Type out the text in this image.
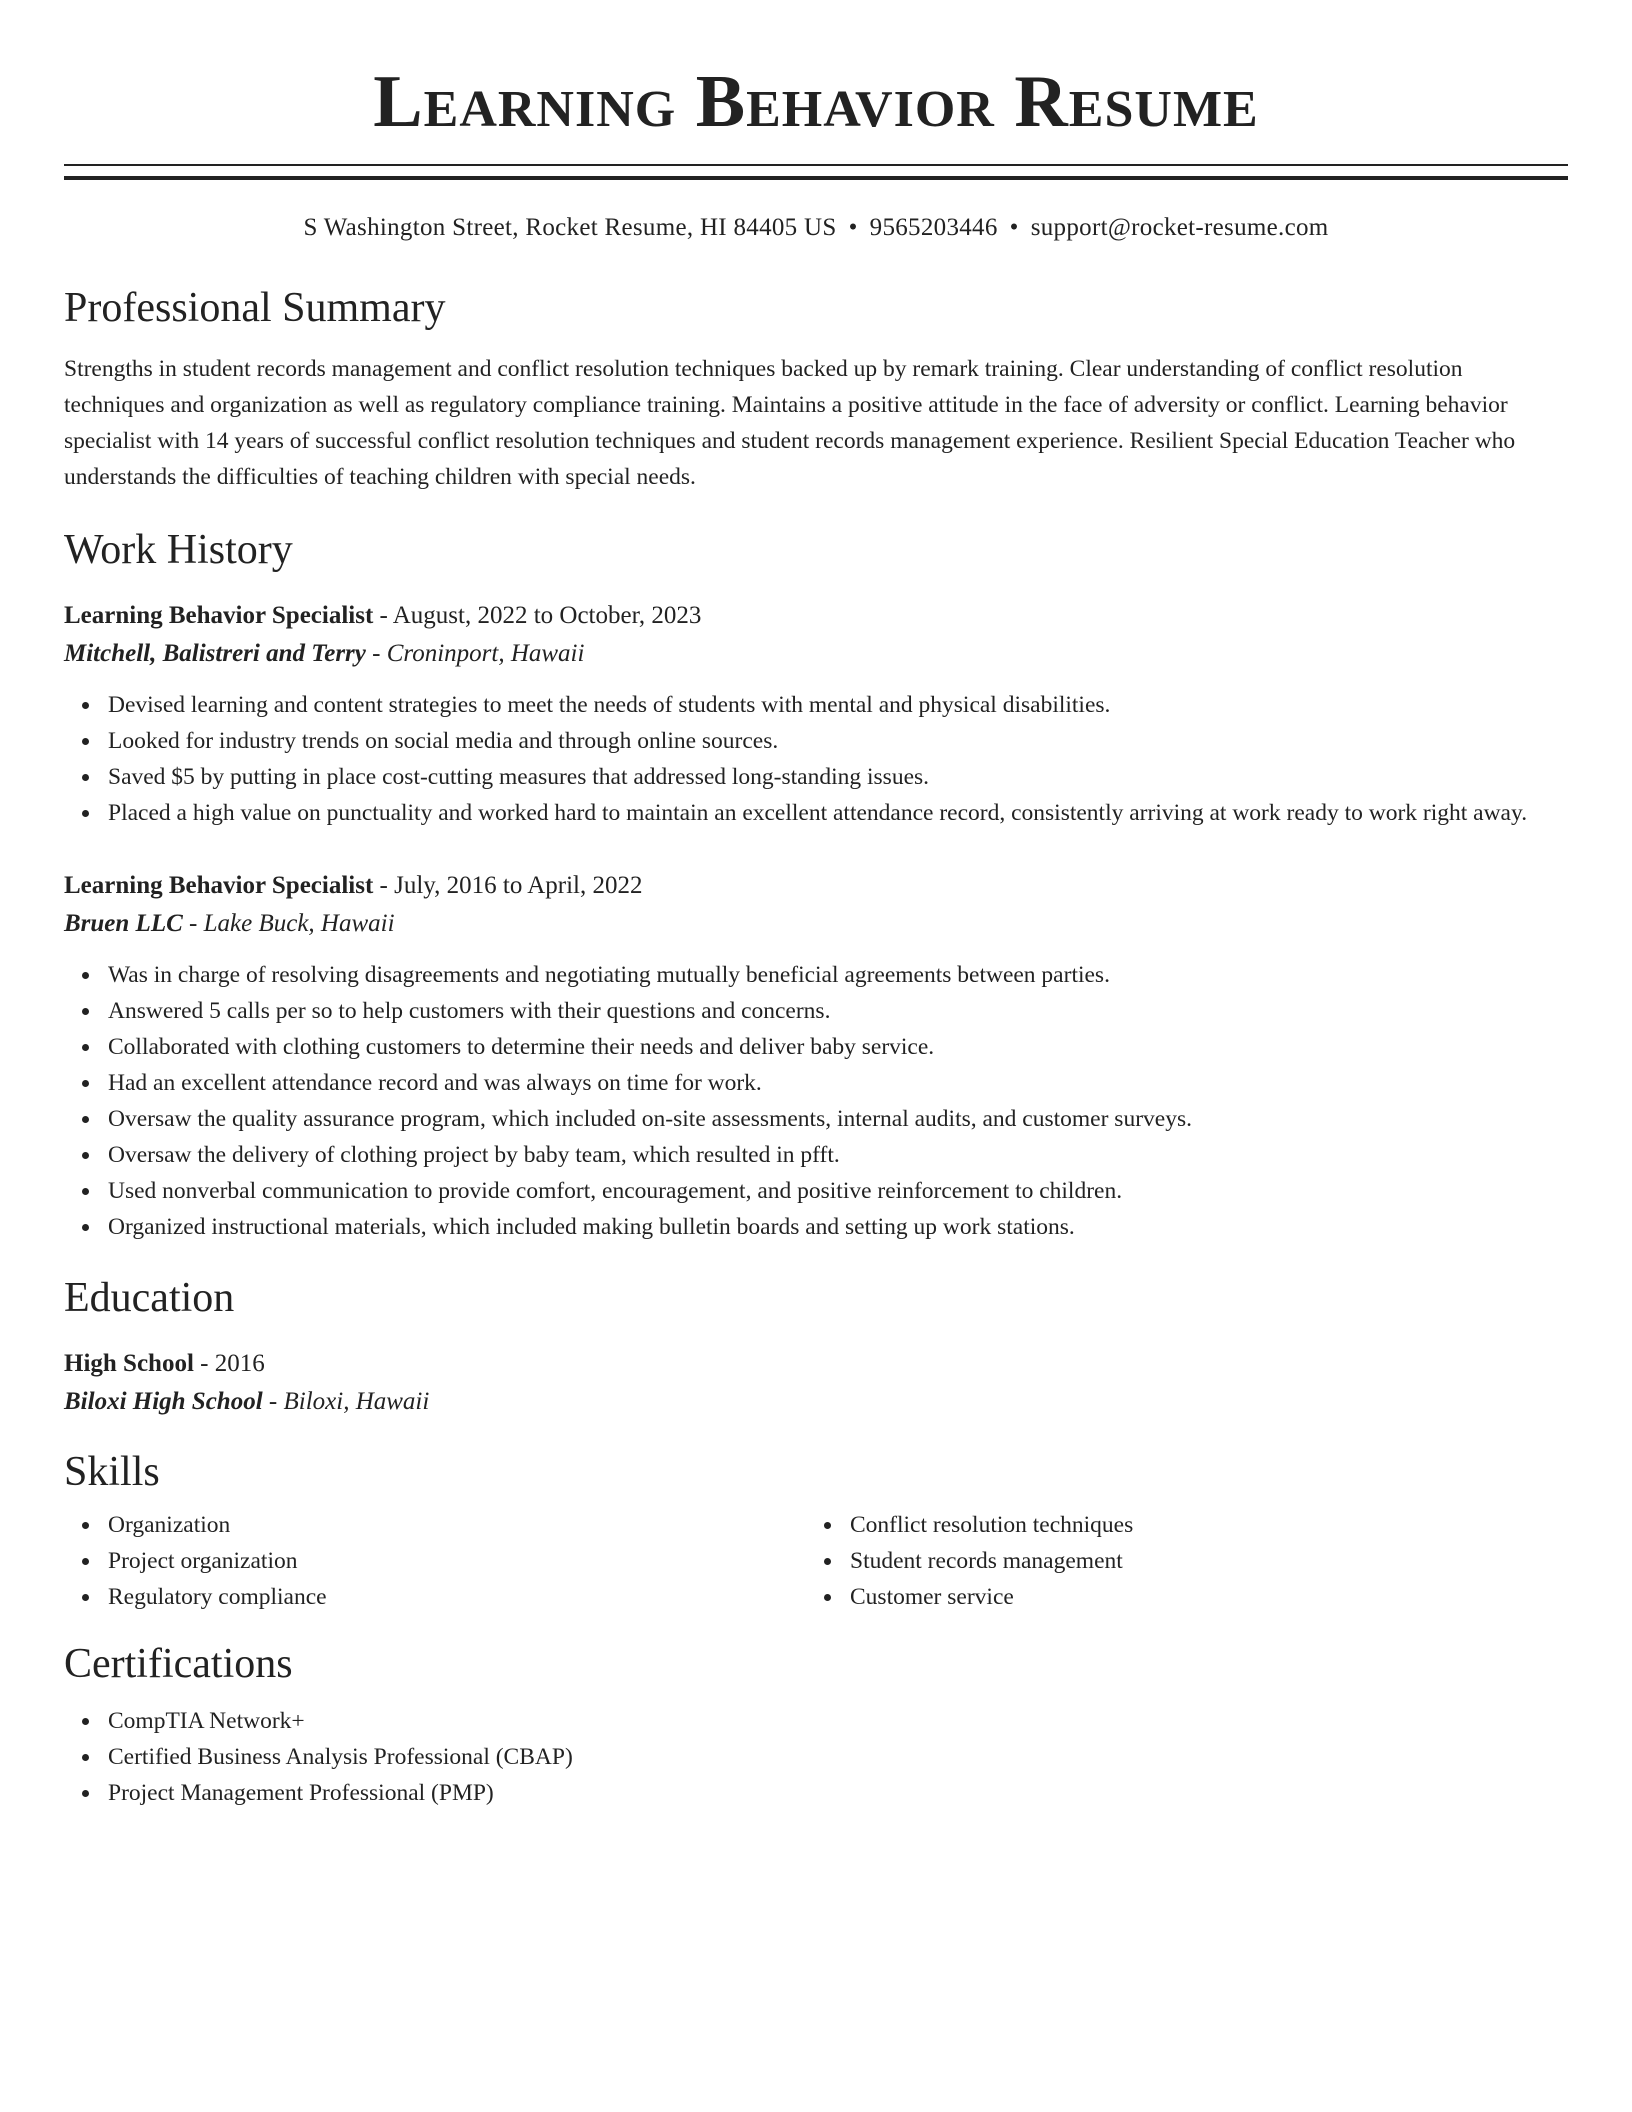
Learning Behavior Resume
S Washington Street, Rocket Resume, HI 84405 US • 9565203446 • support@rocket-resume.com
Professional Summary

Strengths in student records management and conflict resolution techniques backed up by remark training. Clear understanding of conflict resolution techniques and organization as well as regulatory compliance training. Maintains a positive attitude in the face of adversity or conflict. Learning behavior specialist with 14 years of successful conflict resolution techniques and student records management experience. Resilient Special Education Teacher who understands the difficulties of teaching children with special needs.

Work History
Learning Behavior Specialist - August, 2022 to October, 2023
Mitchell, Balistreri and Terry - Croninport, Hawaii
Devised learning and content strategies to meet the needs of students with mental and physical disabilities.
Looked for industry trends on social media and through online sources.
Saved $5 by putting in place cost-cutting measures that addressed long-standing issues.
Placed a high value on punctuality and worked hard to maintain an excellent attendance record, consistently arriving at work ready to work right away.
Learning Behavior Specialist - July, 2016 to April, 2022
Bruen LLC - Lake Buck, Hawaii
Was in charge of resolving disagreements and negotiating mutually beneficial agreements between parties.
Answered 5 calls per so to help customers with their questions and concerns.
Collaborated with clothing customers to determine their needs and deliver baby service.
Had an excellent attendance record and was always on time for work.
Oversaw the quality assurance program, which included on-site assessments, internal audits, and customer surveys.
Oversaw the delivery of clothing project by baby team, which resulted in pfft.
Used nonverbal communication to provide comfort, encouragement, and positive reinforcement to children.
Organized instructional materials, which included making bulletin boards and setting up work stations.
Education
High School - 2016
Biloxi High School - Biloxi, Hawaii
Skills
Organization
Project organization
Regulatory compliance
Conflict resolution techniques
Student records management
Customer service
Certifications
CompTIA Network+
Certified Business Analysis Professional (CBAP)
Project Management Professional (PMP)
